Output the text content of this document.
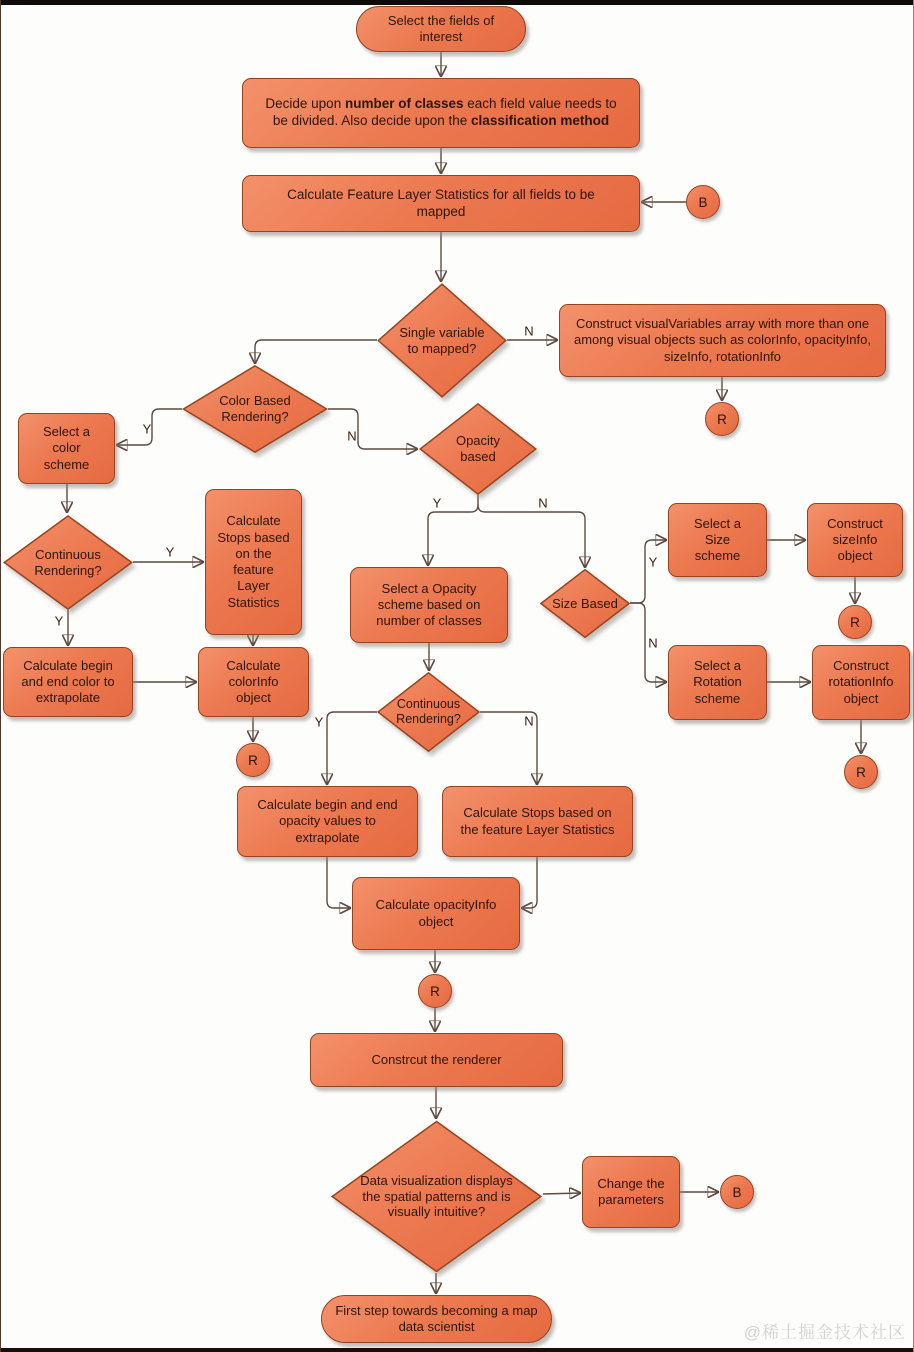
Select the fields of interest
Decide upon number of classes each field value needs to be divided. Also decide upon the classification method
Calculate Feature Layer Statistics for all fields to be mapped
B
Single variable to mapped?
Construct visualVariables array with more than one among visual objects such as colorInfo, opacityInfo, sizeInfo, rotationInfo
R
Color Based Rendering?
Select a color scheme
Continuous Rendering?
Calculate Stops based on the feature Layer Statistics
Calculate begin and end color to extrapolate
Calculate colorInfo object
R
Opacity based
Select a Opacity scheme based on number of classes
Size Based
Continuous Rendering?
Calculate begin and end opacity values to extrapolate
Calculate Stops based on the feature Layer Statistics
Calculate opacityInfo object
R
Select a Size scheme
Construct sizeInfo object
R
Select a Rotation scheme
Construct rotationInfo object
R
Constrcut the renderer
Data visualization displays the spatial patterns and is visually intuitive?
Change the parameters	B
First step towards becoming a map data scientist
N
Y	N
Y
Y
Y	N
Y
N
Y	N
@稀土掘金技术社区
